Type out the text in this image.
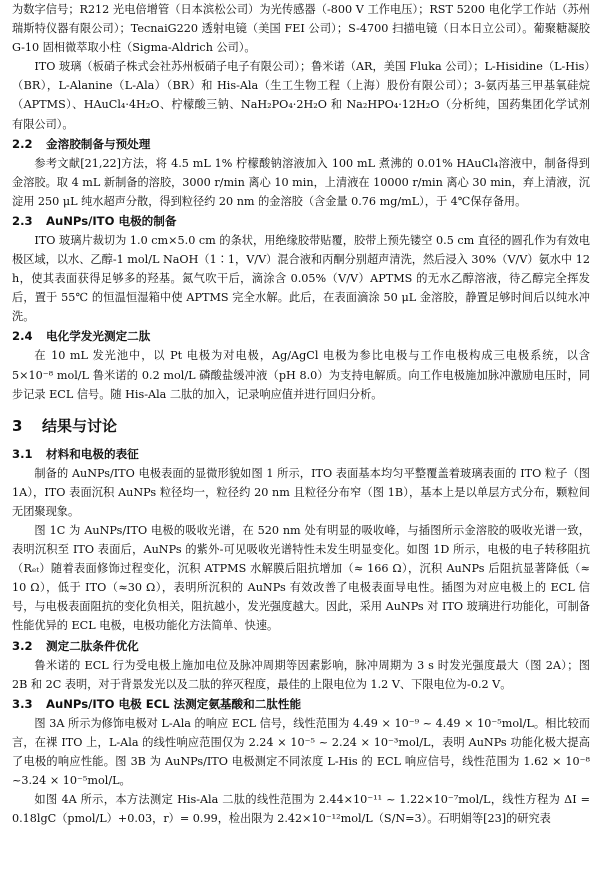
为数字信号；R212 光电倍增管（日本滨松公司）为光传感器（-800 V 工作电压）；RST 5200 电化学工作站（苏州瑞斯特仪器有限公司）；TecnaiG220 透射电镜（美国 FEI 公司）；S-4700 扫描电镜（日本日立公司）。葡聚糖凝胶 G-10 固相微萃取小柱（Sigma-Aldrich 公司）。

ITO 玻璃（板硝子株式会社苏州板硝子电子有限公司）；鲁米诺（AR，美国 Fluka 公司）；L-Hisidine（L-His）（BR），L-Alanine（L-Ala）（BR）和 His-Ala（生工生物工程（上海）股份有限公司）；3-氨丙基三甲基氧硅烷（APTMS）、HAuCl₄·4H₂O、柠檬酸三钠、NaH₂PO₄·2H₂O 和 Na₂HPO₄·12H₂O（分析纯，国药集团化学试剂有限公司）。

2.2 金溶胶制备与预处理

参考文献[21,22]方法，将 4.5 mL 1% 柠檬酸钠溶液加入 100 mL 煮沸的 0.01% HAuCl₄溶液中，制备得到金溶胶。取 4 mL 新制备的溶胶，3000 r/min 离心 10 min，上清液在 10000 r/min 离心 30 min，弃上清液，沉淀用 250 μL 纯水超声分散，得到粒径约 20 nm 的金溶胶（含金量 0.76 mg/mL），于 4℃保存备用。

2.3 AuNPs/ITO 电极的制备

ITO 玻璃片裁切为 1.0 cm×5.0 cm 的条状，用绝缘胶带贴覆，胶带上预先镂空 0.5 cm 直径的圆孔作为有效电极区域，以水、乙醇-1 mol/L NaOH（1∶1，V/V）混合液和丙酮分别超声清洗，然后浸入 30%（V/V）氨水中 12 h，使其表面获得足够多的羟基。氮气吹干后，滴涂含 0.05%（V/V）APTMS 的无水乙醇溶液，待乙醇完全挥发后，置于 55℃ 的恒温恒湿箱中使 APTMS 完全水解。此后，在表面滴涂 50 μL 金溶胶，静置足够时间后以纯水冲洗。

2.4 电化学发光测定二肽

在 10 mL 发光池中，以 Pt 电极为对电极，Ag/AgCl 电极为参比电极与工作电极构成三电极系统，以含 5×10⁻⁸ mol/L 鲁米诺的 0.2 mol/L 磷酸盐缓冲液（pH 8.0）为支持电解质。向工作电极施加脉冲激励电压时，同步记录 ECL 信号。随 His-Ala 二肽的加入，记录响应值并进行回归分析。

3 结果与讨论
3.1 材料和电极的表征

制备的 AuNPs/ITO 电极表面的显微形貌如图 1 所示，ITO 表面基本均匀平整覆盖着玻璃表面的 ITO 粒子（图 1A），ITO 表面沉积 AuNPs 粒径均一，粒径约 20 nm 且粒径分布窄（图 1B），基本上是以单层方式分布，颗粒间无团聚现象。

图 1C 为 AuNPs/ITO 电极的吸收光谱，在 520 nm 处有明显的吸收峰，与插图所示金溶胶的吸收光谱一致，表明沉积至 ITO 表面后，AuNPs 的紫外-可见吸收光谱特性未发生明显变化。如图 1D 所示，电极的电子转移阻抗（Rₑₜ）随着表面修饰过程变化，沉积 ATPMS 水解膜后阻抗增加（≈ 166 Ω），沉积 AuNPs 后阻抗显著降低（≈ 10 Ω），低于 ITO（≈30 Ω），表明所沉积的 AuNPs 有效改善了电极表面导电性。插图为对应电极上的 ECL 信号，与电极表面阻抗的变化负相关，阻抗越小，发光强度越大。因此，采用 AuNPs 对 ITO 玻璃进行功能化，可制备性能优异的 ECL 电极，电极功能化方法简单、快速。

3.2 测定二肽条件优化

鲁米诺的 ECL 行为受电极上施加电位及脉冲周期等因素影响，脉冲周期为 3 s 时发光强度最大（图 2A）；图 2B 和 2C 表明，对于背景发光以及二肽的猝灭程度，最佳的上限电位为 1.2 V、下限电位为-0.2 V。

3.3 AuNPs/ITO 电极 ECL 法测定氨基酸和二肽性能

图 3A 所示为修饰电极对 L-Ala 的响应 ECL 信号，线性范围为 4.49 × 10⁻⁹ ~ 4.49 × 10⁻⁵mol/L。相比较而言，在裸 ITO 上，L-Ala 的线性响应范围仅为 2.24 × 10⁻⁵ ~ 2.24 × 10⁻³mol/L，表明 AuNPs 功能化极大提高了电极的响应性能。图 3B 为 AuNPs/ITO 电极测定不同浓度 L-His 的 ECL 响应信号，线性范围为 1.62 × 10⁻⁸ ~3.24 × 10⁻⁵mol/L。

如图 4A 所示，本方法测定 His-Ala 二肽的线性范围为 2.44×10⁻¹¹ ~ 1.22×10⁻⁷mol/L，线性方程为 ΔI = 0.18lgC（pmol/L）+0.03，r）= 0.99，检出限为 2.42×10⁻¹²mol/L（S/N=3）。石明娟等[23]的研究表
